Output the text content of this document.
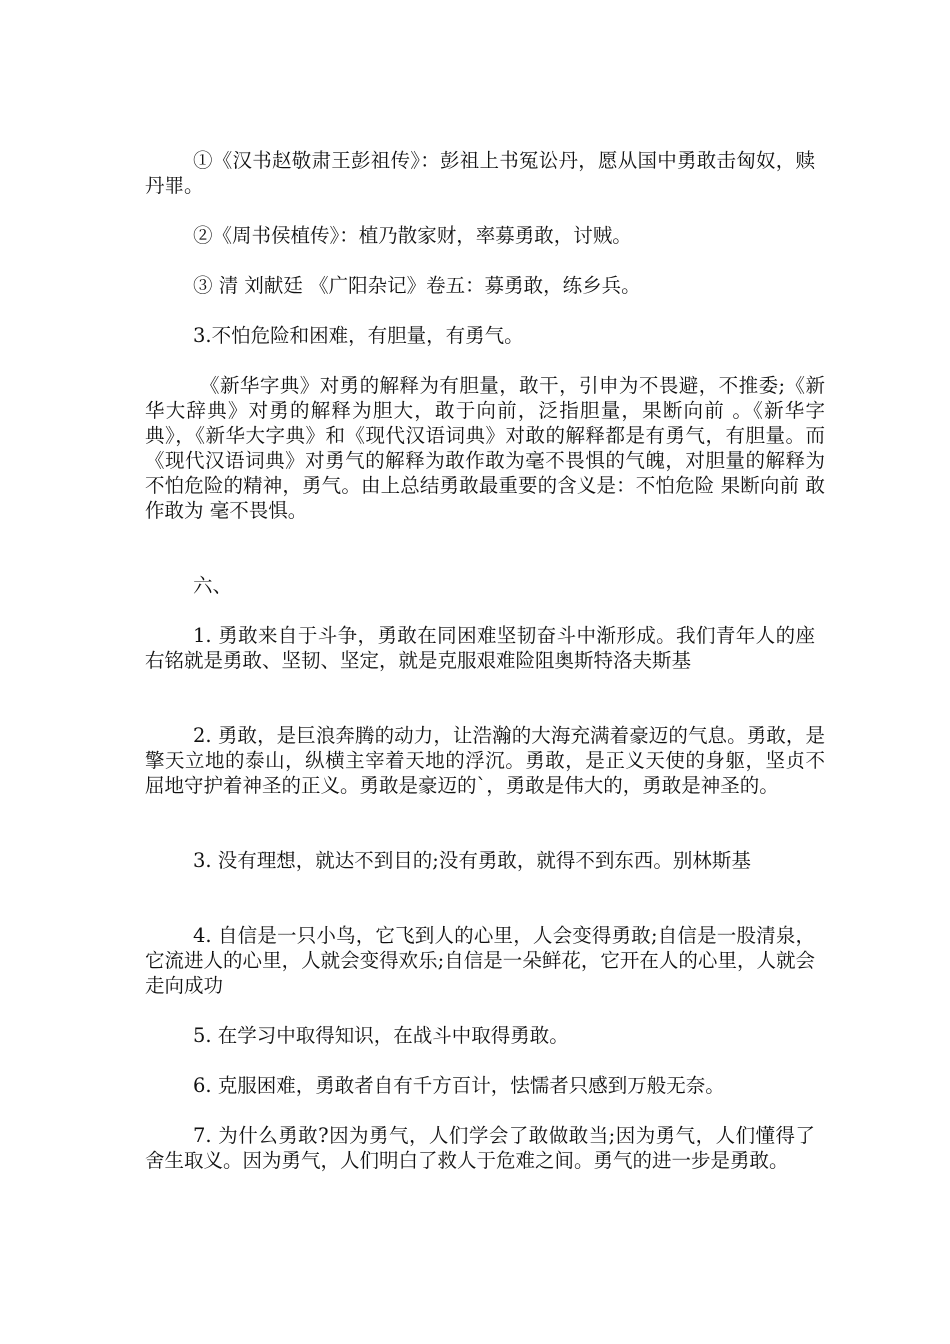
①《汉书赵敬肃王彭祖传》：彭祖上书冤讼丹，愿从国中勇敢击匈奴，赎丹罪。

②《周书侯植传》：植乃散家财，率募勇敢，讨贼。

③ 清 刘献廷 《广阳杂记》卷五：募勇敢，练乡兵。

3.不怕危险和困难，有胆量，有勇气。

《新华字典》对勇的解释为有胆量，敢干，引申为不畏避，不推委;《新华大辞典》对勇的解释为胆大，敢于向前，泛指胆量，果断向前 。《新华字典》，《新华大字典》和《现代汉语词典》对敢的解释都是有勇气，有胆量。而《现代汉语词典》对勇气的解释为敢作敢为毫不畏惧的气魄，对胆量的解释为不怕危险的精神，勇气。由上总结勇敢最重要的含义是：不怕危险 果断向前 敢作敢为 毫不畏惧。

六、

1. 勇敢来自于斗争，勇敢在同困难坚韧奋斗中渐形成。我们青年人的座右铭就是勇敢、坚韧、坚定，就是克服艰难险阻奥斯特洛夫斯基

2. 勇敢，是巨浪奔腾的动力，让浩瀚的大海充满着豪迈的气息。勇敢，是擎天立地的泰山，纵横主宰着天地的浮沉。勇敢，是正义天使的身躯，坚贞不屈地守护着神圣的正义。勇敢是豪迈的`，勇敢是伟大的，勇敢是神圣的。

3. 没有理想，就达不到目的;没有勇敢，就得不到东西。别林斯基

4. 自信是一只小鸟，它飞到人的心里，人会变得勇敢;自信是一股清泉，它流进人的心里，人就会变得欢乐;自信是一朵鲜花，它开在人的心里，人就会走向成功

5. 在学习中取得知识，在战斗中取得勇敢。

6. 克服困难，勇敢者自有千方百计，怯懦者只感到万般无奈。

7. 为什么勇敢?因为勇气，人们学会了敢做敢当;因为勇气，人们懂得了舍生取义。因为勇气，人们明白了救人于危难之间。勇气的进一步是勇敢。
